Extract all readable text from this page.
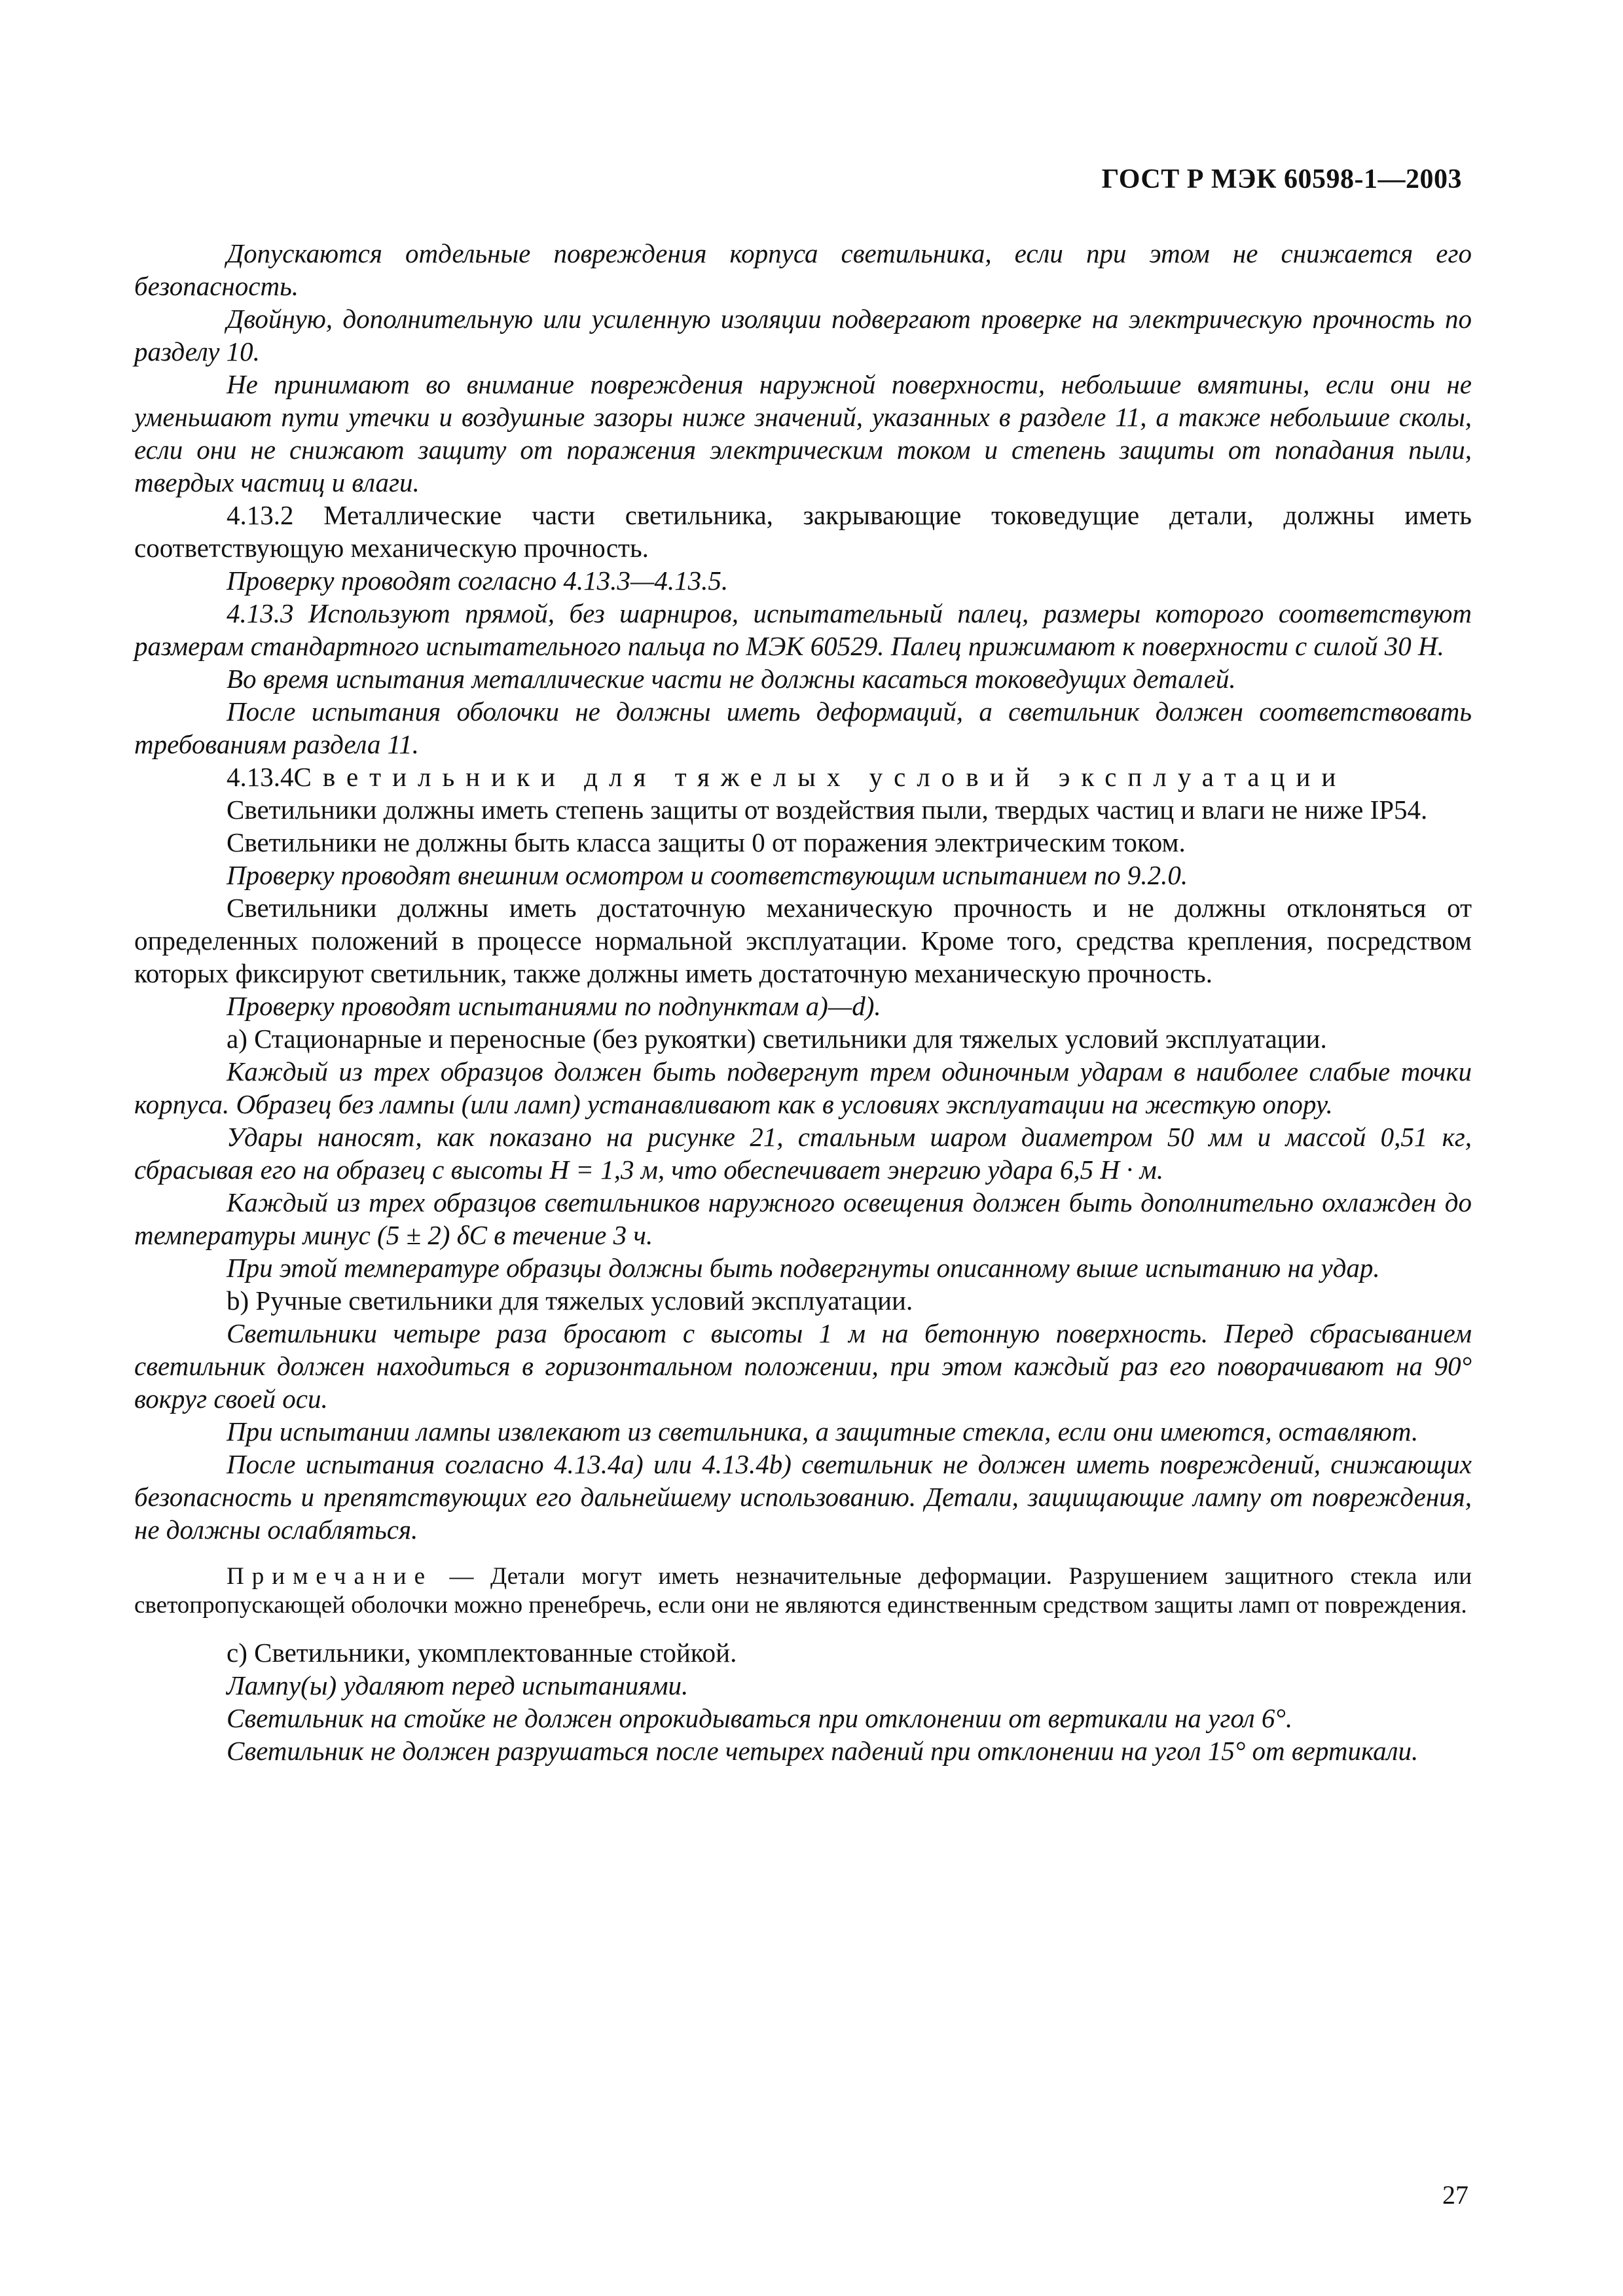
ГОСТ Р МЭК 60598-1—2003

Допускаются отдельные повреждения корпуса светильника, если при этом не снижается его безопасность.

Двойную, дополнительную или усиленную изоляции подвергают проверке на электрическую прочность по разделу 10.

Не принимают во внимание повреждения наружной поверхности, небольшие вмятины, если они не уменьшают пути утечки и воздушные зазоры ниже значений, указанных в разделе 11, а также небольшие сколы, если они не снижают защиту от поражения электрическим током и степень защиты от попадания пыли, твердых частиц и влаги.

4.13.2 Металлические части светильника, закрывающие токоведущие детали, должны иметь соответствующую механическую прочность.

Проверку проводят согласно 4.13.3—4.13.5.

4.13.3 Используют прямой, без шарниров, испытательный палец, размеры которого соответствуют размерам стандартного испытательного пальца по МЭК 60529. Палец прижимают к поверхности с силой 30 Н.

Во время испытания металлические части не должны касаться токоведущих деталей.

После испытания оболочки не должны иметь деформаций, а светильник должен соответствовать требованиям раздела 11.

4.13.4Светильники для тяжелых условий эксплуатации

Светильники должны иметь степень защиты от воздействия пыли, твердых частиц и влаги не ниже IP54.

Светильники не должны быть класса защиты 0 от поражения электрическим током.

Проверку проводят внешним осмотром и соответствующим испытанием по 9.2.0.

Светильники должны иметь достаточную механическую прочность и не должны отклоняться от определенных положений в процессе нормальной эксплуатации. Кроме того, средства крепления, посредством которых фиксируют светильник, также должны иметь достаточную механическую прочность.

Проверку проводят испытаниями по подпунктам а)—d).

а) Стационарные и переносные (без рукоятки) светильники для тяжелых условий эксплуатации.

Каждый из трех образцов должен быть подвергнут трем одиночным ударам в наиболее слабые точки корпуса. Образец без лампы (или ламп) устанавливают как в условиях эксплуатации на жесткую опору.

Удары наносят, как показано на рисунке 21, стальным шаром диаметром 50 мм и массой 0,51 кг, сбрасывая его на образец с высоты H = 1,3 м, что обеспечивает энергию удара 6,5 H · м.

Каждый из трех образцов светильников наружного освещения должен быть дополнительно охлажден до температуры минус (5 ± 2) δС в течение 3 ч.

При этой температуре образцы должны быть подвергнуты описанному выше испытанию на удар.

b) Ручные светильники для тяжелых условий эксплуатации.

Светильники четыре раза бросают с высоты 1 м на бетонную поверхность. Перед сбрасыванием светильник должен находиться в горизонтальном положении, при этом каждый раз его поворачивают на 90° вокруг своей оси.

При испытании лампы извлекают из светильника, а защитные стекла, если они имеются, оставляют.

После испытания согласно 4.13.4а) или 4.13.4b) светильник не должен иметь повреждений, снижающих безопасность и препятствующих его дальнейшему использованию. Детали, защищающие лампу от повреждения, не должны ослабляться.

Примечание — Детали могут иметь незначительные деформации. Разрушением защитного стекла или светопропускающей оболочки можно пренебречь, если они не являются единственным средством защиты ламп от повреждения.

с) Светильники, укомплектованные стойкой.

Лампу(ы) удаляют перед испытаниями.

Светильник на стойке не должен опрокидываться при отклонении от вертикали на угол 6°.

Светильник не должен разрушаться после четырех падений при отклонении на угол 15° от вертикали.

27
